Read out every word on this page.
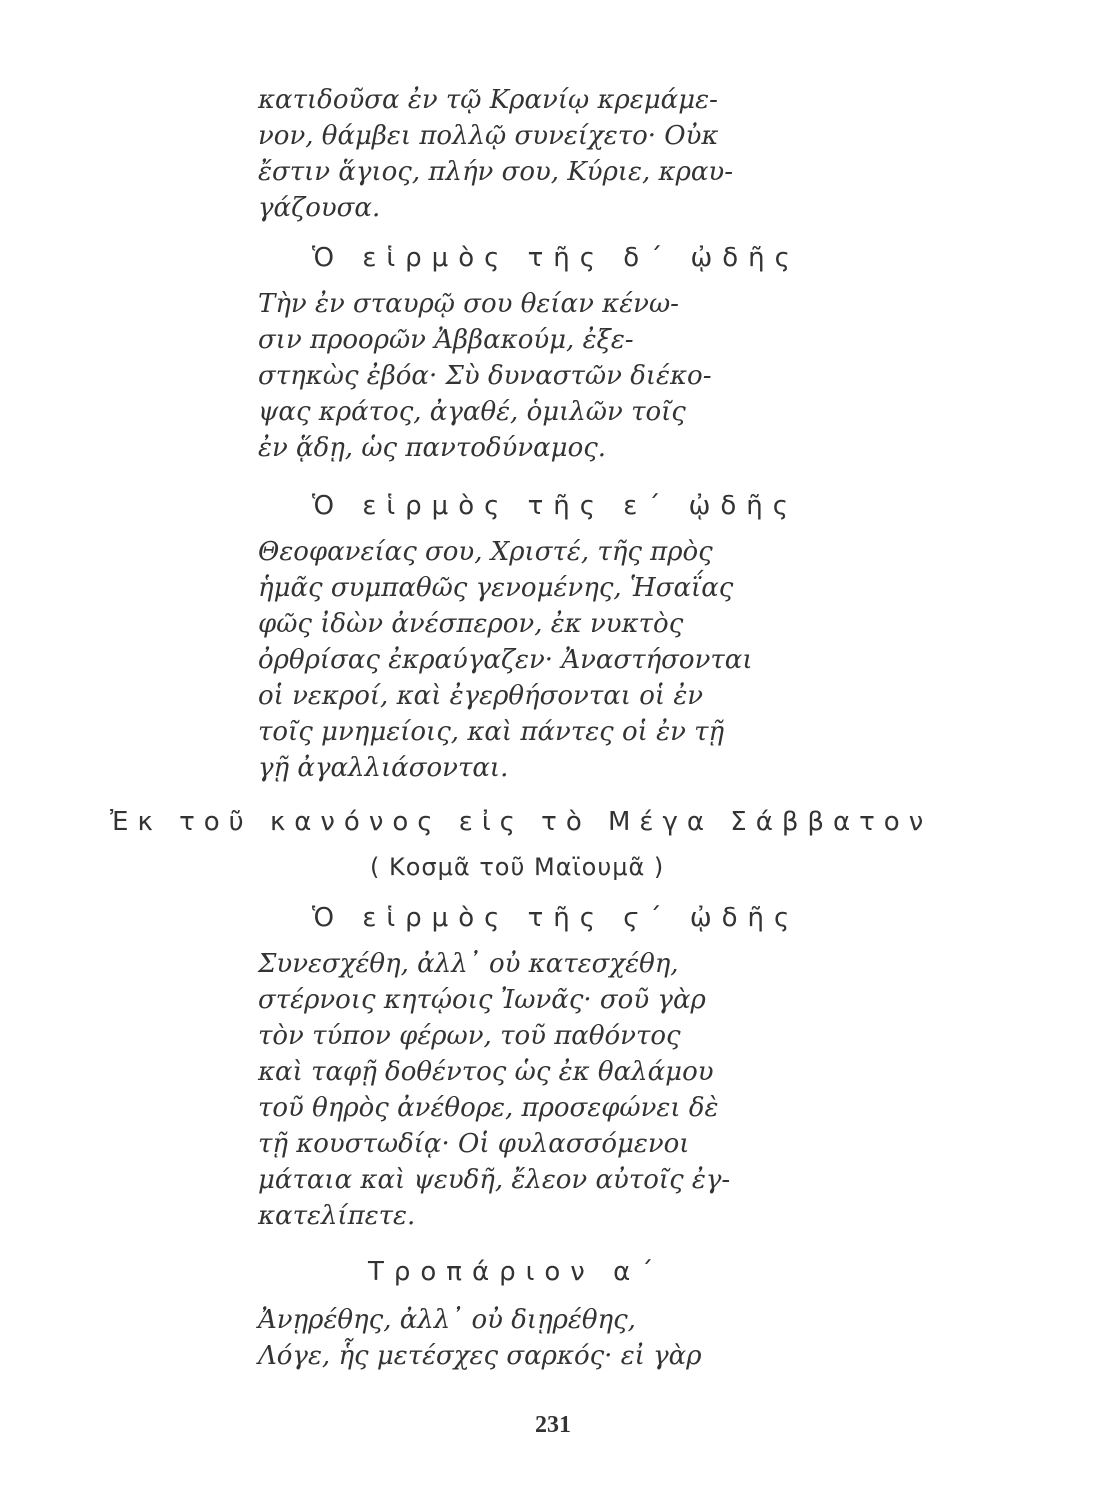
κατιδοῦσα ἐν τῷ Κρανίῳ κρεμάμε-
νον, θάμβει πολλῷ συνείχετο· Οὐκ
ἔστιν ἅγιος, πλήν σου, Κύριε, κραυ-
γάζουσα.
Ὁ εἱρμὸς τῆς δ΄ ᾠδῆς
Τὴν ἐν σταυρῷ σου θείαν κένω-
σιν προορῶν Ἀββακούμ, ἐξε-
στηκὼς ἐβόα· Σὺ δυναστῶν διέκο-
ψας κράτος, ἀγαθέ, ὁμιλῶν τοῖς
ἐν ᾅδῃ, ὡς παντοδύναμος.
Ὁ εἱρμὸς τῆς ε΄ ᾠδῆς
Θεοφανείας σου, Χριστέ, τῆς πρὸς
ἡμᾶς συμπαθῶς γενομένης, Ἡσαΐας
φῶς ἰδὼν ἀνέσπερον, ἐκ νυκτὸς
ὀρθρίσας ἐκραύγαζεν· Ἀναστήσονται
οἱ νεκροί, καὶ ἐγερθήσονται οἱ ἐν
τοῖς μνημείοις, καὶ πάντες οἱ ἐν τῇ
γῇ ἀγαλλιάσονται.
Ἐκ τοῦ κανόνος εἰς τὸ Μέγα Σάββατον
( Κοσμᾶ τοῦ Μαϊουμᾶ )
Ὁ εἱρμὸς τῆς ϛ΄ ᾠδῆς
Συνεσχέθη, ἀλλ᾿ οὐ κατεσχέθη,
στέρνοις κητῴοις Ἰωνᾶς· σοῦ γὰρ
τὸν τύπον φέρων, τοῦ παθόντος
καὶ ταφῇ δοθέντος ὡς ἐκ θαλάμου
τοῦ θηρὸς ἀνέθορε, προσεφώνει δὲ
τῇ κουστωδίᾳ· Οἱ φυλασσόμενοι
μάταια καὶ ψευδῆ, ἔλεον αὐτοῖς ἐγ-
κατελίπετε.
Τροπάριον α΄
Ἀνῃρέθης, ἀλλ᾿ οὐ διῃρέθης,
Λόγε, ἧς μετέσχες σαρκός· εἰ γὰρ
231
